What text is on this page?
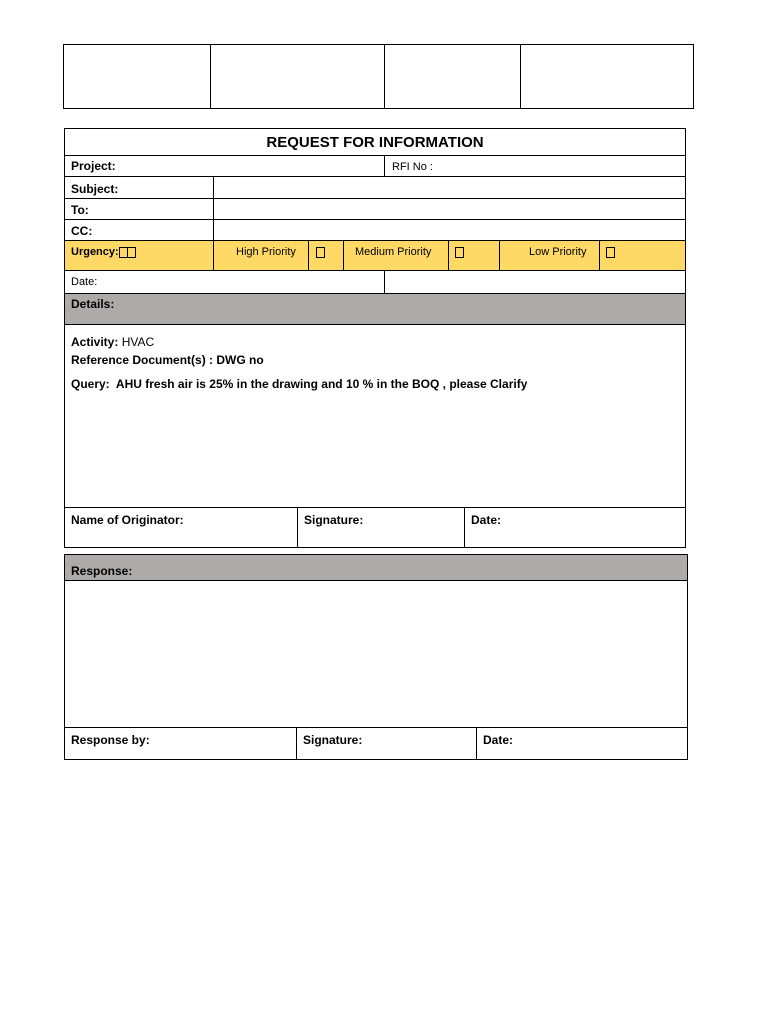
REQUEST FOR INFORMATION
Project:	RFI No :
Subject:
To:
CC:
Urgency:	High Priority	Medium Priority	Low Priority
Date:
Details:
Activity: HVAC
Reference Document(s) : DWG no
Query: AHU fresh air is 25% in the drawing and 10 % in the BOQ , please Clarify
Name of Originator:	Signature:	Date:
Response:
Response by:	Signature:	Date:
